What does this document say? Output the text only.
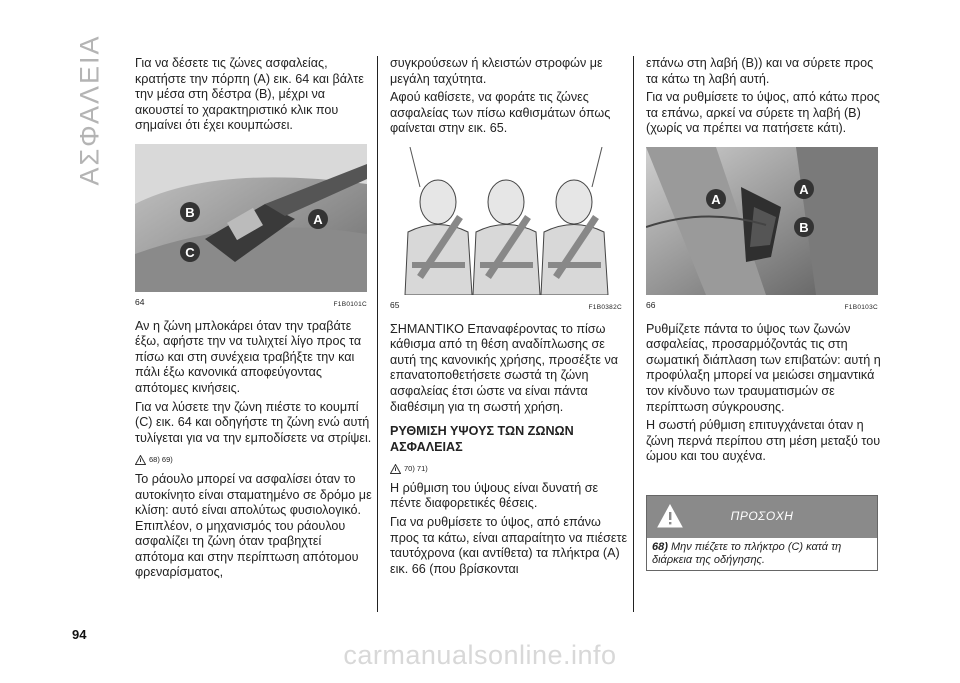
ΑΣΦΑΛΕΙΑ
94

Για να δέσετε τις ζώνες ασφαλείας, κρατήστε την πόρπη (Α) εικ. 64 και βάλτε την μέσα στη δέστρα (Β), μέχρι να ακουστεί το χαρακτηριστικό κλικ που σημαίνει ότι έχει κουμπώσει.

B	A
C
64	F1B0101C

Αν η ζώνη μπλοκάρει όταν την τραβάτε έξω, αφήστε την να τυλιχτεί λίγο προς τα πίσω και στη συνέχεια τραβήξτε την και πάλι έξω κανονικά αποφεύγοντας απότομες κινήσεις.

Για να λύσετε την ζώνη πιέστε το κουμπί (C) εικ. 64 και οδηγήστε τη ζώνη ενώ αυτή τυλίγεται για να την εμποδίσετε να στρίψει.

68) 69)

Το ράουλο μπορεί να ασφαλίσει όταν το αυτοκίνητο είναι σταματημένο σε δρόμο με κλίση: αυτό είναι απολύτως φυσιολογικό. Επιπλέον, ο μηχανισμός του ράουλου ασφαλίζει τη ζώνη όταν τραβηχτεί απότομα και στην περίπτωση απότομου φρεναρίσματος,

συγκρούσεων ή κλειστών στροφών με μεγάλη ταχύτητα.

Αφού καθίσετε, να φοράτε τις ζώνες ασφαλείας των πίσω καθισμάτων όπως φαίνεται στην εικ. 65.

65	F1B0382C

ΣΗΜΑΝΤΙΚΟ Επαναφέροντας το πίσω κάθισμα από τη θέση αναδίπλωσης σε αυτή της κανονικής χρήσης, προσέξτε να επανατοποθετήσετε σωστά τη ζώνη ασφαλείας έτσι ώστε να είναι πάντα διαθέσιμη για τη σωστή χρήση.

ΡΥΘΜΙΣΗ ΥΨΟΥΣ ΤΩΝ ΖΩΝΩΝ ΑΣΦΑΛΕΙΑΣ
70) 71)

Η ρύθμιση του ύψους είναι δυνατή σε πέντε διαφορετικές θέσεις.

Για να ρυθμίσετε το ύψος, από επάνω προς τα κάτω, είναι απαραίτητο να πιέσετε ταυτόχρονα (και αντίθετα) τα πλήκτρα (Α) εικ. 66 (που βρίσκονται

επάνω στη λαβή (Β)) και να σύρετε προς τα κάτω τη λαβή αυτή.

Για να ρυθμίσετε το ύψος, από κάτω προς τα επάνω, αρκεί να σύρετε τη λαβή (Β) (χωρίς να πρέπει να πατήσετε κάτι).

A
A
B
66	F1B0103C

Ρυθμίζετε πάντα το ύψος των ζωνών ασφαλείας, προσαρμόζοντάς τις στη σωματική διάπλαση των επιβατών: αυτή η προφύλαξη μπορεί να μειώσει σημαντικά τον κίνδυνο των τραυματισμών σε περίπτωση σύγκρουσης.

Η σωστή ρύθμιση επιτυγχάνεται όταν η ζώνη περνά περίπου στη μέση μεταξύ του ώμου και του αυχένα.

ΠΡΟΣΟΧΗ
68) Μην πιέζετε το πλήκτρο (C) κατά τη διάρκεια της οδήγησης.
carmanualsonline.info
